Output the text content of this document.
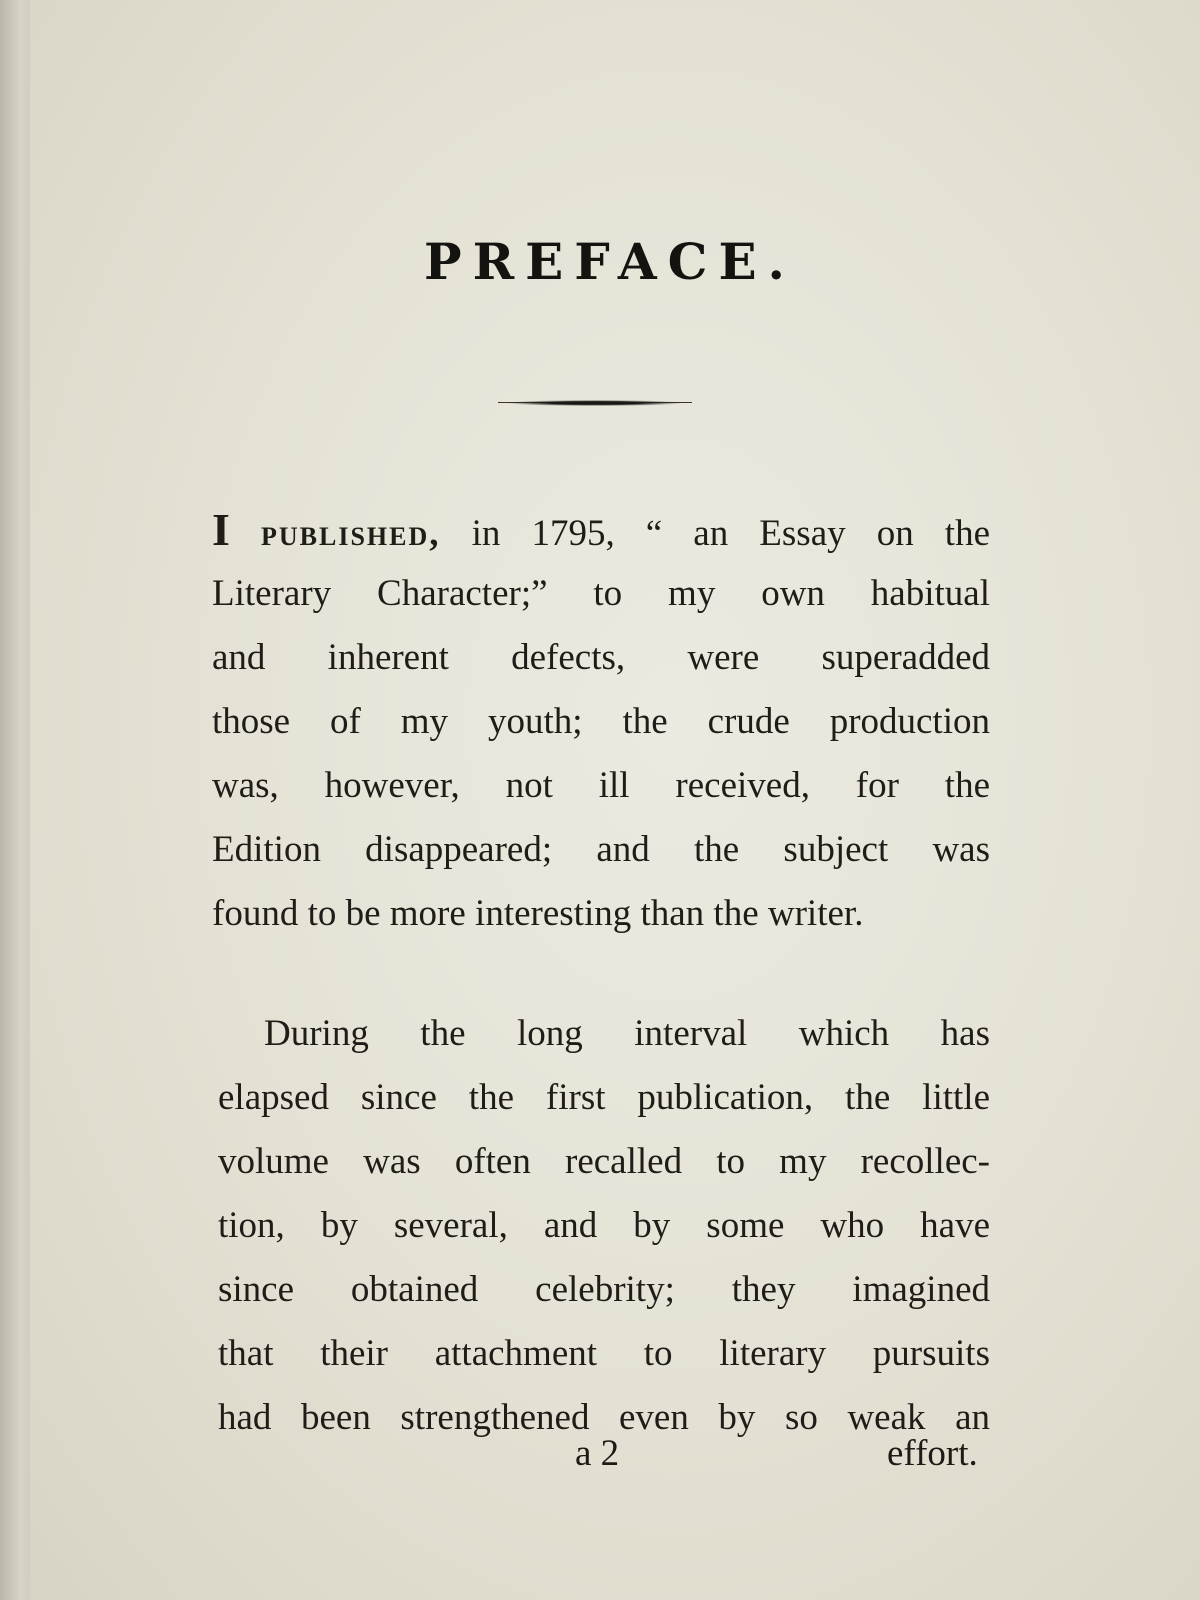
PREFACE.

I published, in 1795, “ an Essay on the
Literary Character;” to my own habitual
and inherent defects, were superadded
those of my youth; the crude production
was, however, not ill received, for the
Edition disappeared; and the subject was
found to be more interesting than the writer.

During the long interval which has
elapsed since the first publication, the little
volume was often recalled to my recollec-
tion, by several, and by some who have
since obtained celebrity; they imagined
that their attachment to literary pursuits
had been strengthened even by so weak an

a 2	effort.
